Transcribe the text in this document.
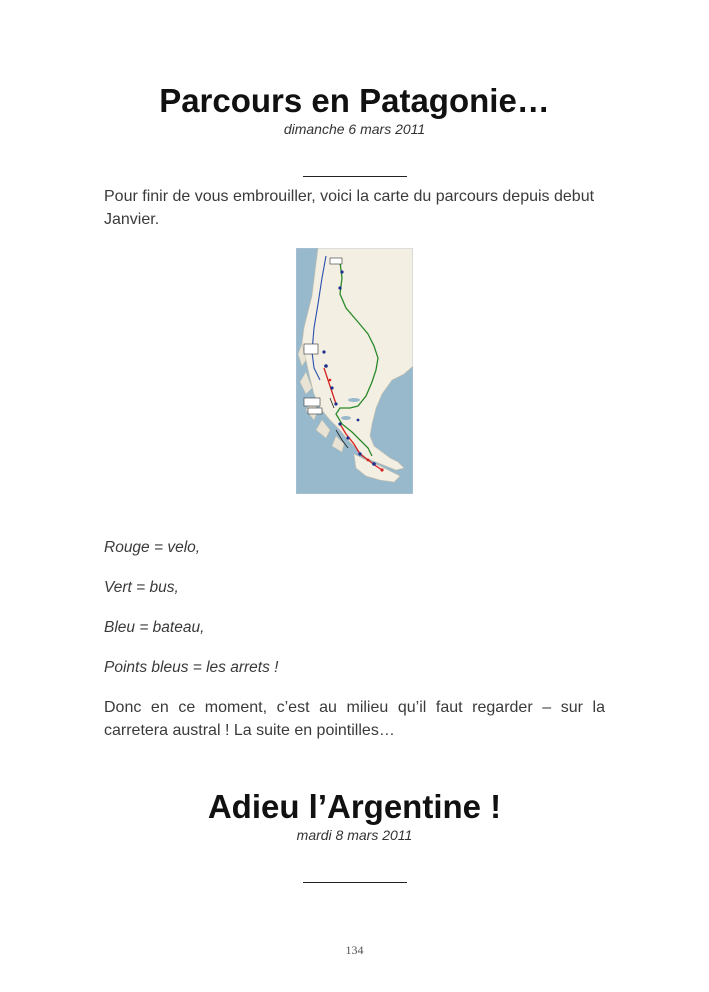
Parcours en Patagonie…
dimanche 6 mars 2011
Pour finir de vous embrouiller, voici la carte du parcours depuis debut Janvier.
Rouge = velo,
Vert = bus,
Bleu = bateau,
Points bleus = les arrets !
Donc en ce moment, c’est au milieu qu’il faut regarder – sur la carretera austral ! La suite en pointilles…
Adieu l’Argentine !
mardi 8 mars 2011
134
